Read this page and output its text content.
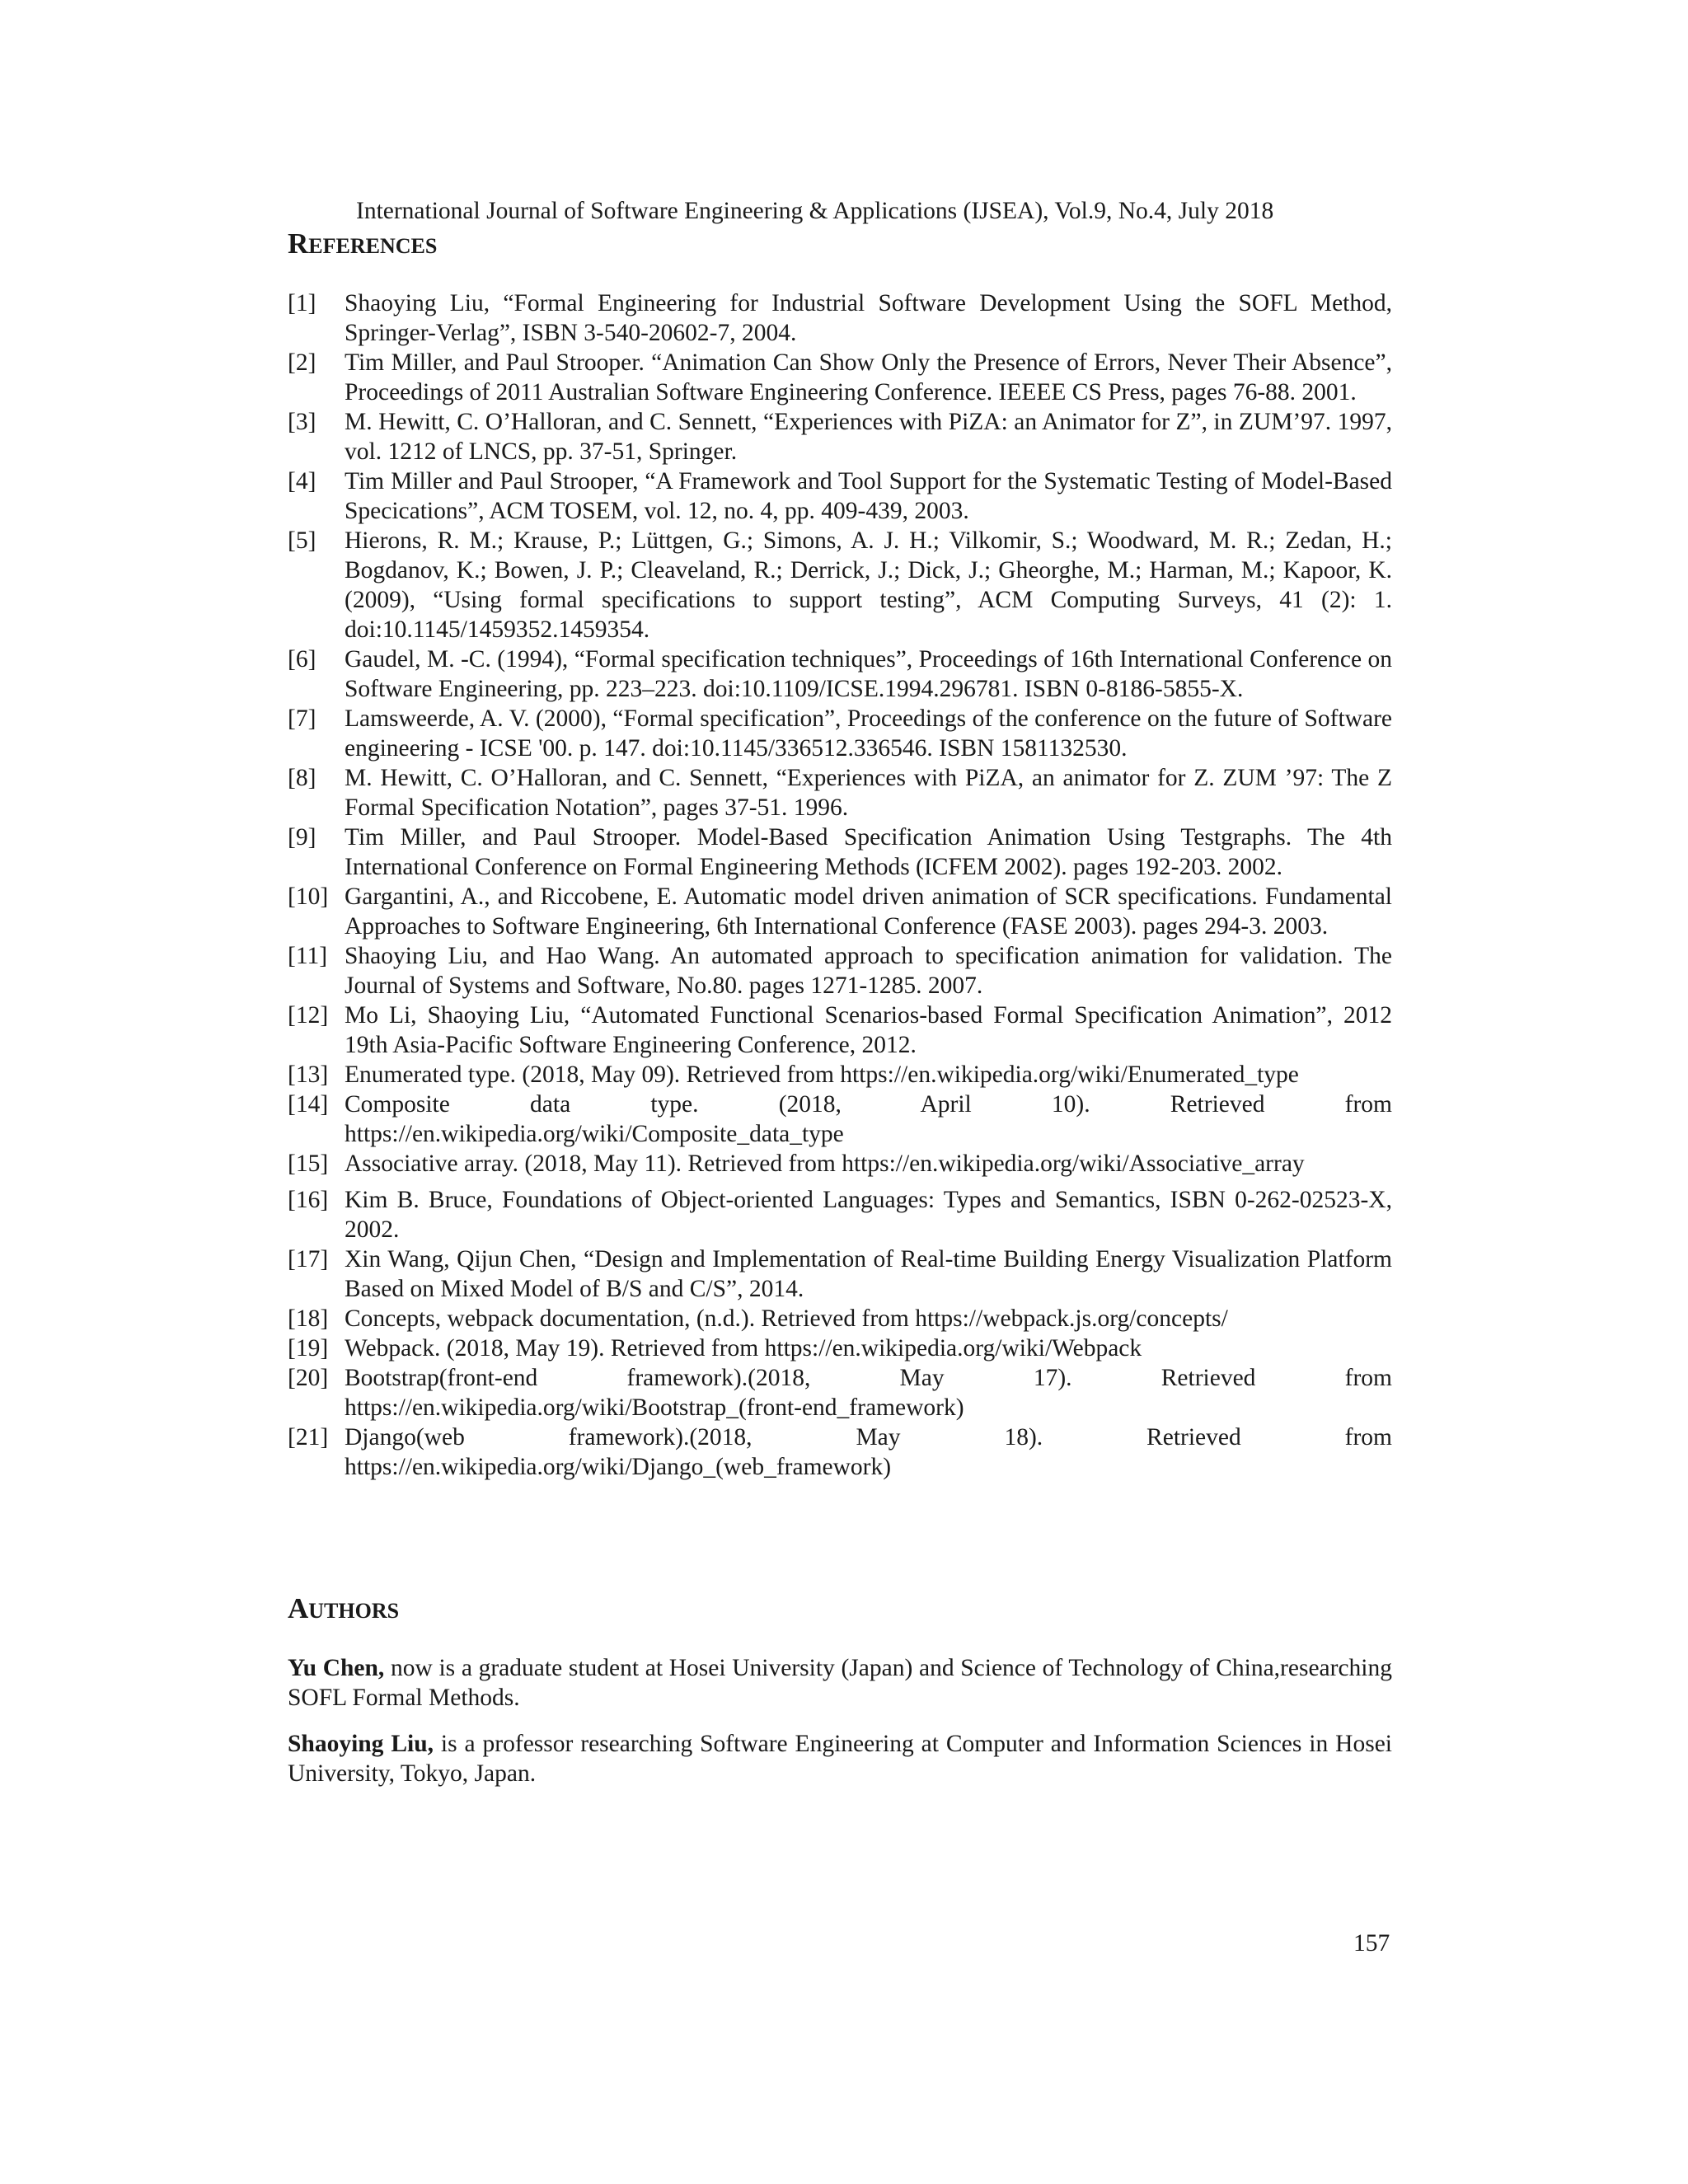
International Journal of Software Engineering & Applications (IJSEA), Vol.9, No.4, July 2018
REFERENCES
[1]	Shaoying Liu, “Formal Engineering for Industrial Software Development Using the SOFL Method, Springer-Verlag”, ISBN 3-540-20602-7, 2004.
[2]	Tim Miller, and Paul Strooper. “Animation Can Show Only the Presence of Errors, Never Their Absence”, Proceedings of 2011 Australian Software Engineering Conference. IEEEE CS Press, pages 76-88. 2001.
[3]	M. Hewitt, C. O’Halloran, and C. Sennett, “Experiences with PiZA: an Animator for Z”, in ZUM’97. 1997, vol. 1212 of LNCS, pp. 37-51, Springer.
[4]	Tim Miller and Paul Strooper, “A Framework and Tool Support for the Systematic Testing of Model-Based Specications”, ACM TOSEM, vol. 12, no. 4, pp. 409-439, 2003.
[5]	Hierons, R. M.; Krause, P.; Lüttgen, G.; Simons, A. J. H.; Vilkomir, S.; Woodward, M. R.; Zedan, H.; Bogdanov, K.; Bowen, J. P.; Cleaveland, R.; Derrick, J.; Dick, J.; Gheorghe, M.; Harman, M.; Kapoor, K. (2009), “Using formal specifications to support testing”, ACM Computing Surveys, 41 (2): 1. doi:10.1145/1459352.1459354.
[6]	Gaudel, M. -C. (1994), “Formal specification techniques”, Proceedings of 16th International Conference on Software Engineering, pp. 223–223. doi:10.1109/ICSE.1994.296781. ISBN 0-8186-5855-X.
[7]	Lamsweerde, A. V. (2000), “Formal specification”, Proceedings of the conference on the future of Software engineering - ICSE '00. p. 147. doi:10.1145/336512.336546. ISBN 1581132530.
[8]	M. Hewitt, C. O’Halloran, and C. Sennett, “Experiences with PiZA, an animator for Z. ZUM ’97: The Z Formal Specification Notation”, pages 37-51. 1996.
[9]	Tim Miller, and Paul Strooper. Model-Based Specification Animation Using Testgraphs. The 4th International Conference on Formal Engineering Methods (ICFEM 2002). pages 192-203. 2002.
[10] Gargantini, A., and Riccobene, E. Automatic model driven animation of SCR specifications. Fundamental Approaches to Software Engineering, 6th International Conference (FASE 2003). pages 294-3. 2003.
[11] Shaoying Liu, and Hao Wang. An automated approach to specification animation for validation. The Journal of Systems and Software, No.80. pages 1271-1285. 2007.
[12] Mo Li, Shaoying Liu, “Automated Functional Scenarios-based Formal Specification Animation”, 2012 19th Asia-Pacific Software Engineering Conference, 2012.
[13] Enumerated type. (2018, May 09). Retrieved from https://en.wikipedia.org/wiki/Enumerated_type
[14] Composite data type. (2018, April 10). Retrieved from
https://en.wikipedia.org/wiki/Composite_data_type
[15] Associative array. (2018, May 11). Retrieved from https://en.wikipedia.org/wiki/Associative_array
[16] Kim B. Bruce, Foundations of Object-oriented Languages: Types and Semantics, ISBN 0-262-02523-X, 2002.
[17] Xin Wang, Qijun Chen, “Design and Implementation of Real-time Building Energy Visualization Platform Based on Mixed Model of B/S and C/S”, 2014.
[18] Concepts, webpack documentation, (n.d.). Retrieved from https://webpack.js.org/concepts/
[19] Webpack. (2018, May 19). Retrieved from https://en.wikipedia.org/wiki/Webpack
[20] Bootstrap(front-end framework).(2018, May 17). Retrieved from
https://en.wikipedia.org/wiki/Bootstrap_(front-end_framework)
[21] Django(web framework).(2018, May 18). Retrieved from
https://en.wikipedia.org/wiki/Django_(web_framework)
AUTHORS

Yu Chen, now is a graduate student at Hosei University (Japan) and Science of Technology of China,researching SOFL Formal Methods.

Shaoying Liu, is a professor researching Software Engineering at Computer and Information Sciences in Hosei University, Tokyo, Japan.

157
